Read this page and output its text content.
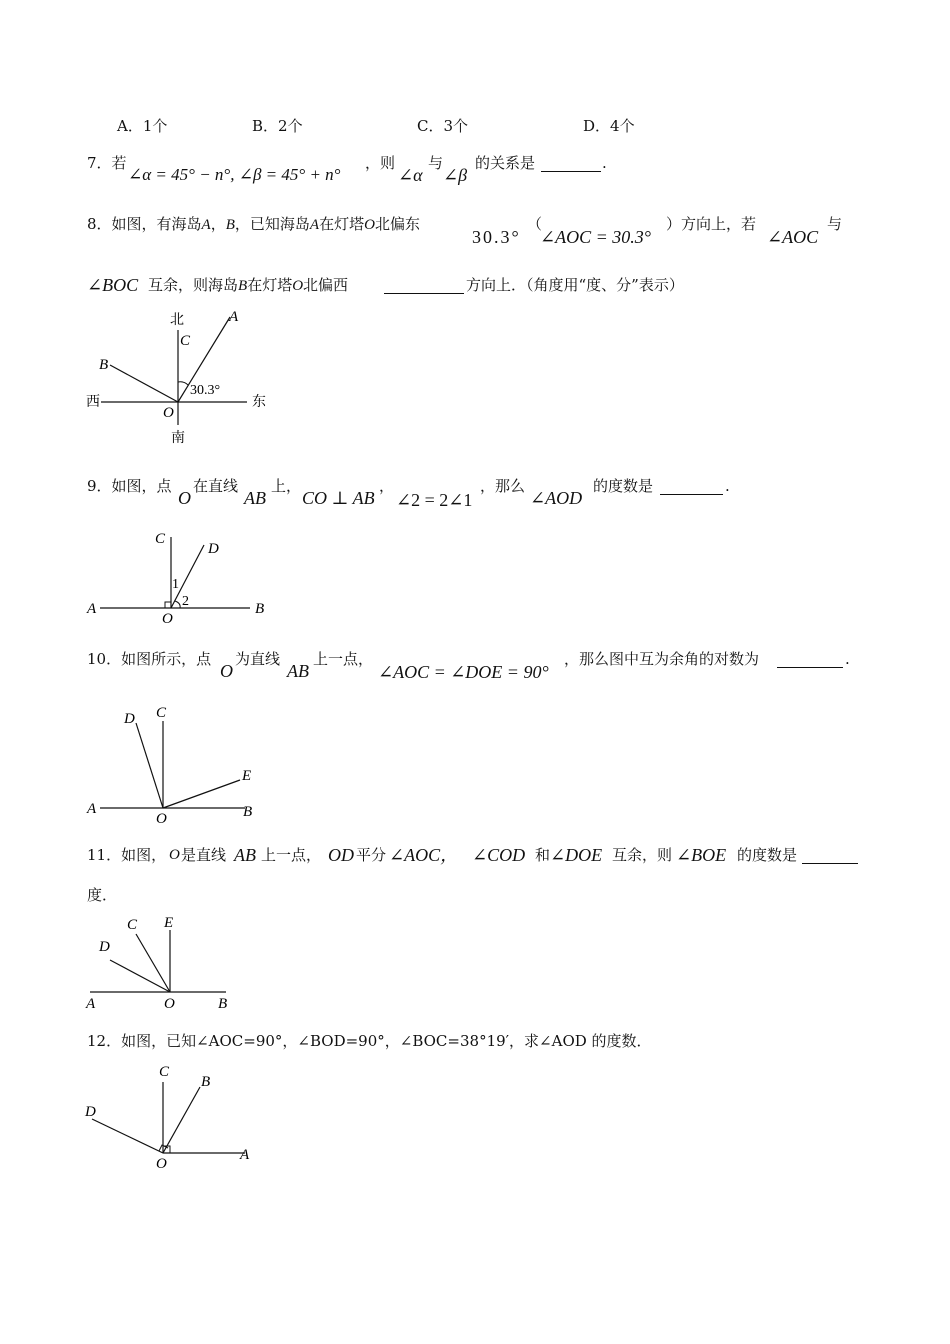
A．1个	B．2个	C．3个	D．4个
7．若
∠α = 45° − n°, ∠β = 45° + n°
，则
∠α
与
∠β
的关系是	.
8．如图，有海岛A，B，已知海岛A在灯塔O北偏东
30.3°
（
∠AOC = 30.3°
）方向上，若
∠AOC
与
∠BOC 互余，则海岛B在灯塔O北偏西	方向上．（角度用“度、分”表示）
北
C
A
B
西	东
O
南
30.3°
9．如图，点
O
在直线
AB
上，
CO ⊥ AB
，
∠2 = 2∠1
，那么
∠AOD
的度数是	.
C
D
1
2
A	B
O
10．如图所示，点
O
为直线
AB
上一点，
∠AOC = ∠DOE = 90°
，那么图中互为余角的对数为	.
D C
E
A	B
O
11．如图， O 是直线 AB 上一点， OD 平分 ∠AOC， ∠COD 和 ∠DOE 互余，则 ∠BOE 的度数是
度．
C E
D
A	O	B
12．如图，已知∠AOC=90°，∠BOD=90°，∠BOC=38°19′，求∠AOD 的度数．
C
B
D
A
O
